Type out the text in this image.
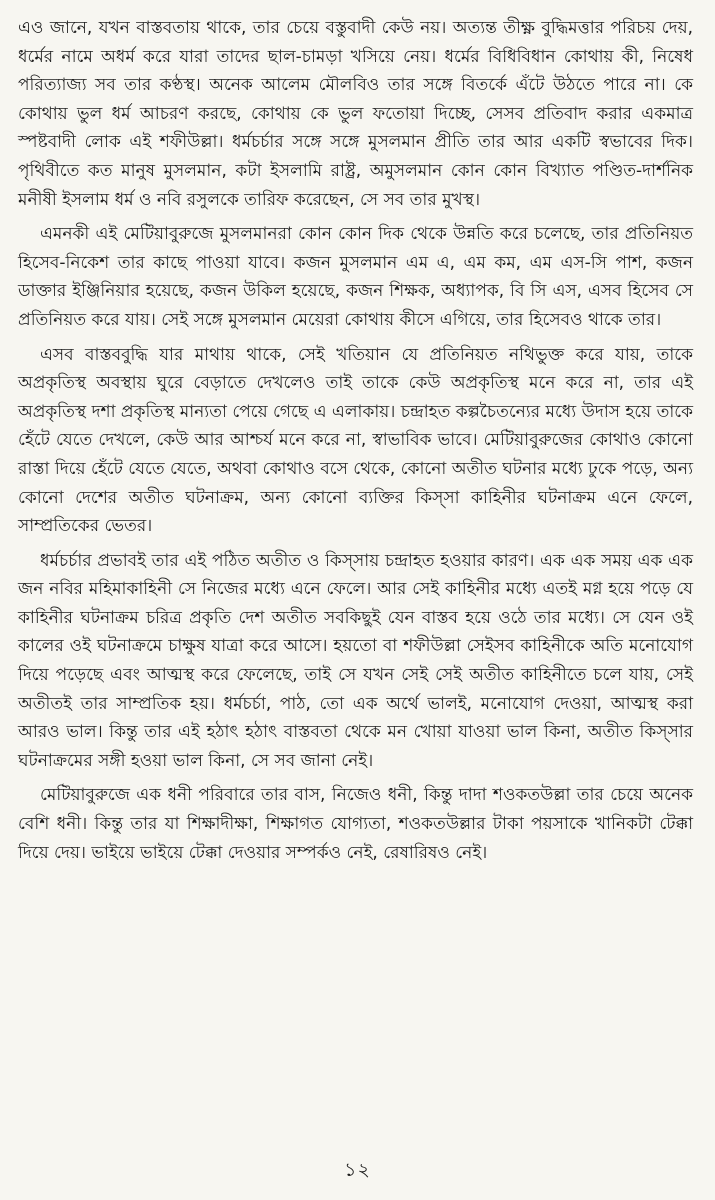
এও জানে, যখন বাস্তবতায় থাকে, তার চেয়ে বস্তুবাদী কেউ নয়। অত্যন্ত তীক্ষ্ণ বুদ্ধিমত্তার পরিচয় দেয়, ধর্মের নামে অধর্ম করে যারা তাদের ছাল-চামড়া খসিয়ে নেয়। ধর্মের বিধিবিধান কোথায় কী, নিষেধ পরিত্যাজ্য সব তার কণ্ঠস্থ। অনেক আলেম মৌলবিও তার সঙ্গে বিতর্কে এঁটে উঠতে পারে না। কে কোথায় ভুল ধর্ম আচরণ করছে, কোথায় কে ভুল ফতোয়া দিচ্ছে, সেসব প্রতিবাদ করার একমাত্র স্পষ্টবাদী লোক এই শফীউল্লা। ধর্মচর্চার সঙ্গে সঙ্গে মুসলমান প্রীতি তার আর একটি স্বভাবের দিক। পৃথিবীতে কত মানুষ মুসলমান, কটা ইসলামি রাষ্ট্র, অমুসলমান কোন কোন বিখ্যাত পণ্ডিত-দার্শনিক মনীষী ইসলাম ধর্ম ও নবি রসুলকে তারিফ করেছেন, সে সব তার মুখস্থ।

এমনকী এই মেটিয়াবুরুজে মুসলমানরা কোন কোন দিক থেকে উন্নতি করে চলেছে, তার প্রতিনিয়ত হিসেব-নিকেশ তার কাছে পাওয়া যাবে। কজন মুসলমান এম এ, এম কম, এম এস-সি পাশ, কজন ডাক্তার ইঞ্জিনিয়ার হয়েছে, কজন উকিল হয়েছে, কজন শিক্ষক, অধ্যাপক, বি সি এস, এসব হিসেব সে প্রতিনিয়ত করে যায়। সেই সঙ্গে মুসলমান মেয়েরা কোথায় কীসে এগিয়ে, তার হিসেবও থাকে তার।

এসব বাস্তববুদ্ধি যার মাথায় থাকে, সেই খতিয়ান যে প্রতিনিয়ত নথিভুক্ত করে যায়, তাকে অপ্রকৃতিস্থ অবস্থায় ঘুরে বেড়াতে দেখলেও তাই তাকে কেউ অপ্রকৃতিস্থ মনে করে না, তার এই অপ্রকৃতিস্থ দশা প্রকৃতিস্থ মান্যতা পেয়ে গেছে এ এলাকায়। চন্দ্রাহত কল্পচৈতন্যের মধ্যে উদাস হয়ে তাকে হেঁটে যেতে দেখলে, কেউ আর আশ্চর্য মনে করে না, স্বাভাবিক ভাবে। মেটিয়াবুরুজের কোথাও কোনো রাস্তা দিয়ে হেঁটে যেতে যেতে, অথবা কোথাও বসে থেকে, কোনো অতীত ঘটনার মধ্যে ঢুকে পড়ে, অন্য কোনো দেশের অতীত ঘটনাক্রম, অন্য কোনো ব্যক্তির কিস্সা কাহিনীর ঘটনাক্রম এনে ফেলে, সাম্প্রতিকের ভেতর।

ধর্মচর্চার প্রভাবই তার এই পঠিত অতীত ও কিস্সায় চন্দ্রাহত হওয়ার কারণ। এক এক সময় এক এক জন নবির মহিমাকাহিনী সে নিজের মধ্যে এনে ফেলে। আর সেই কাহিনীর মধ্যে এতই মগ্ন হয়ে পড়ে যে কাহিনীর ঘটনাক্রম চরিত্র প্রকৃতি দেশ অতীত সবকিছুই যেন বাস্তব হয়ে ওঠে তার মধ্যে। সে যেন ওই কালের ওই ঘটনাক্রমে চাক্ষুষ যাত্রা করে আসে। হয়তো বা শফীউল্লা সেইসব কাহিনীকে অতি মনোযোগ দিয়ে পড়েছে এবং আত্মস্থ করে ফেলেছে, তাই সে যখন সেই সেই অতীত কাহিনীতে চলে যায়, সেই অতীতই তার সাম্প্রতিক হয়। ধর্মচর্চা, পাঠ, তো এক অর্থে ভালই, মনোযোগ দেওয়া, আত্মস্থ করা আরও ভাল। কিন্তু তার এই হঠাৎ হঠাৎ বাস্তবতা থেকে মন খোয়া যাওয়া ভাল কিনা, অতীত কিস্সার ঘটনাক্রমের সঙ্গী হওয়া ভাল কিনা, সে সব জানা নেই।

মেটিয়াবুরুজে এক ধনী পরিবারে তার বাস, নিজেও ধনী, কিন্তু দাদা শওকতউল্লা তার চেয়ে অনেক বেশি ধনী। কিন্তু তার যা শিক্ষাদীক্ষা, শিক্ষাগত যোগ্যতা, শওকতউল্লার টাকা পয়সাকে খানিকটা টেক্কা দিয়ে দেয়। ভাইয়ে ভাইয়ে টেক্কা দেওয়ার সম্পর্কও নেই, রেষারিষও নেই।

১২
